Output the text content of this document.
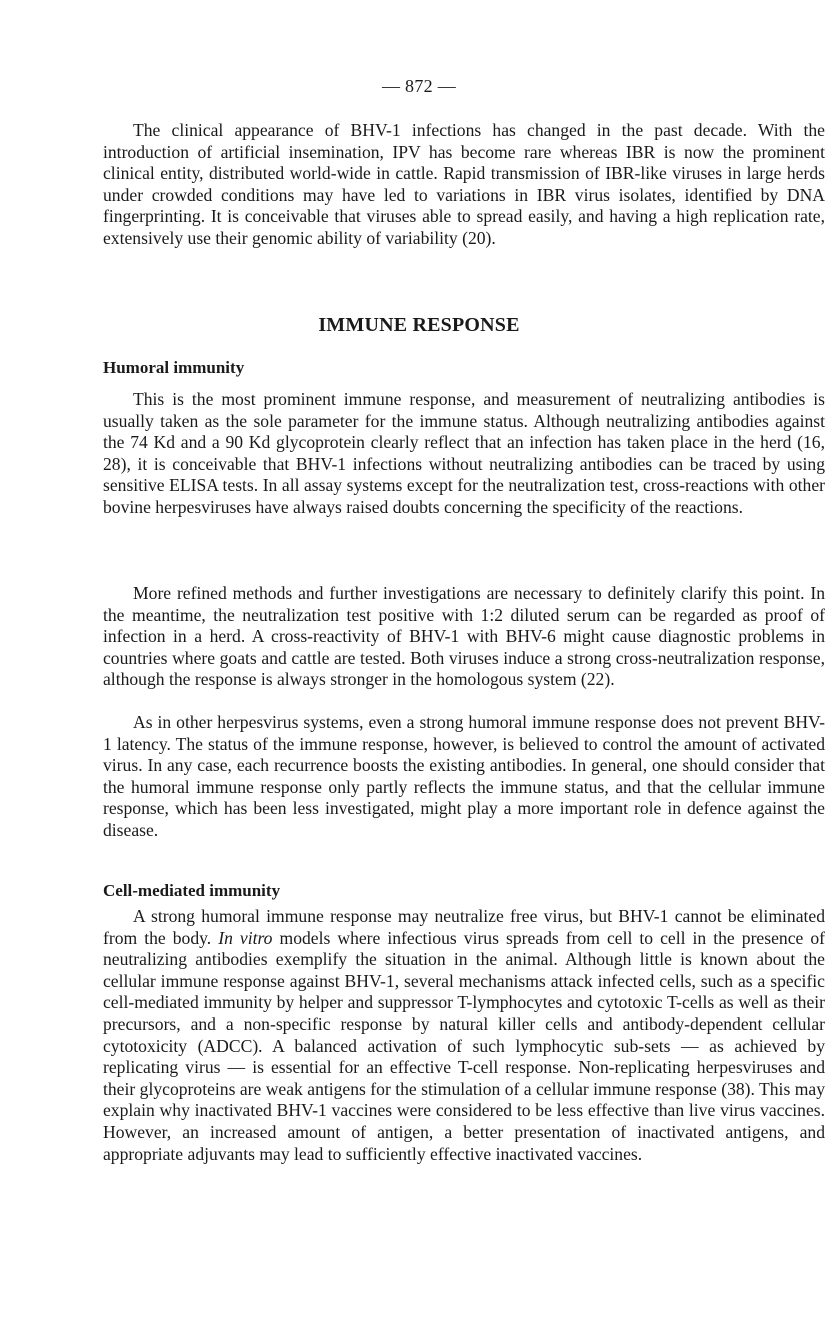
— 872 —

The clinical appearance of BHV-1 infections has changed in the past decade. With the introduction of artificial insemination, IPV has become rare whereas IBR is now the prominent clinical entity, distributed world-wide in cattle. Rapid transmission of IBR-like viruses in large herds under crowded conditions may have led to variations in IBR virus isolates, identified by DNA fingerprinting. It is conceivable that viruses able to spread easily, and having a high replication rate, extensively use their genomic ability of variability (20).

IMMUNE RESPONSE
Humoral immunity

This is the most prominent immune response, and measurement of neutralizing antibodies is usually taken as the sole parameter for the immune status. Although neutralizing antibodies against the 74 Kd and a 90 Kd glycoprotein clearly reflect that an infection has taken place in the herd (16, 28), it is conceivable that BHV-1 infections without neutralizing antibodies can be traced by using sensitive ELISA tests. In all assay systems except for the neutralization test, cross-reactions with other bovine herpesviruses have always raised doubts concerning the specificity of the reactions.

More refined methods and further investigations are necessary to definitely clarify this point. In the meantime, the neutralization test positive with 1:2 diluted serum can be regarded as proof of infection in a herd. A cross-reactivity of BHV-1 with BHV-6 might cause diagnostic problems in countries where goats and cattle are tested. Both viruses induce a strong cross-neutralization response, although the response is always stronger in the homologous system (22).

As in other herpesvirus systems, even a strong humoral immune response does not prevent BHV-1 latency. The status of the immune response, however, is believed to control the amount of activated virus. In any case, each recurrence boosts the existing antibodies. In general, one should consider that the humoral immune response only partly reflects the immune status, and that the cellular immune response, which has been less investigated, might play a more important role in defence against the disease.

Cell-mediated immunity

A strong humoral immune response may neutralize free virus, but BHV-1 cannot be eliminated from the body. In vitro models where infectious virus spreads from cell to cell in the presence of neutralizing antibodies exemplify the situation in the animal. Although little is known about the cellular immune response against BHV-1, several mechanisms attack infected cells, such as a specific cell-mediated immunity by helper and suppressor T-lymphocytes and cytotoxic T-cells as well as their precursors, and a non-specific response by natural killer cells and antibody-dependent cellular cytotoxicity (ADCC). A balanced activation of such lymphocytic sub-sets — as achieved by replicating virus — is essential for an effective T-cell response. Non-replicating herpesviruses and their glycoproteins are weak antigens for the stimulation of a cellular immune response (38). This may explain why inactivated BHV-1 vaccines were considered to be less effective than live virus vaccines. However, an increased amount of antigen, a better presentation of inactivated antigens, and appropriate adjuvants may lead to sufficiently effective inactivated vaccines.
